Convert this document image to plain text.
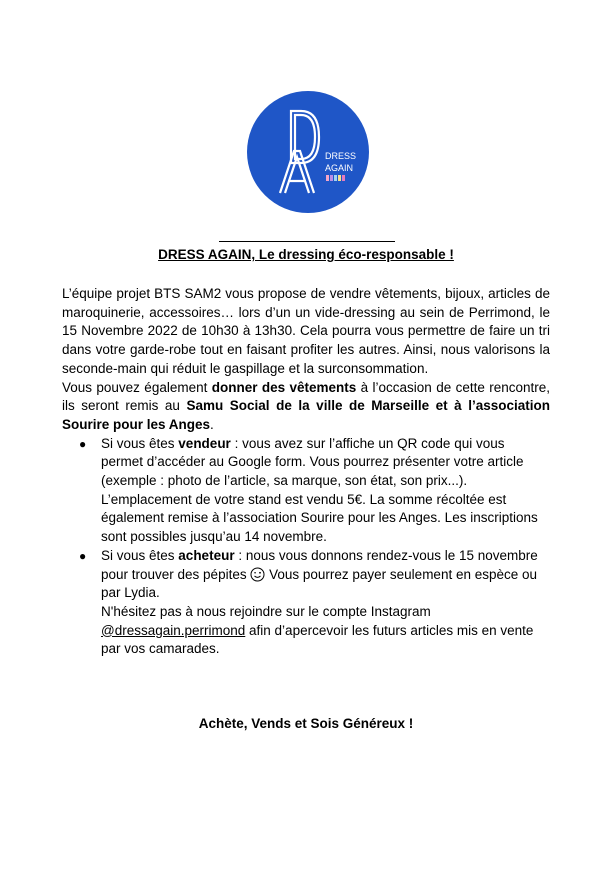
DRESS
AGAIN
DRESS AGAIN, Le dressing éco-responsable !

L’équipe projet BTS SAM2 vous propose de vendre vêtements, bijoux, articles de maroquinerie, accessoires… lors d’un un vide-dressing au sein de Perrimond, le 15 Novembre 2022 de 10h30 à 13h30. Cela pourra vous permettre de faire un tri dans votre garde-robe tout en faisant profiter les autres. Ainsi, nous valorisons la seconde-main qui réduit le gaspillage et la surconsommation.

Vous pouvez également donner des vêtements à l’occasion de cette rencontre, ils seront remis au Samu Social de la ville de Marseille et à l’association Sourire pour les Anges.

● Si vous êtes vendeur : vous avez sur l’affiche un QR code qui vous permet d’accéder au Google form. Vous pourrez présenter votre article (exemple : photo de l’article, sa marque, son état, son prix...). L’emplacement de votre stand est vendu 5€. La somme récoltée est également remise à l’association Sourire pour les Anges. Les inscriptions sont possibles jusqu’au 14 novembre.
● Si vous êtes acheteur : nous vous donnons rendez-vous le 15 novembre pour trouver des pépites  Vous pourrez payer seulement en espèce ou par Lydia.

N'hésitez pas à nous rejoindre sur le compte Instagram @dressagain.perrimond afin d’apercevoir les futurs articles mis en vente par vos camarades.

Achète, Vends et Sois Généreux !
